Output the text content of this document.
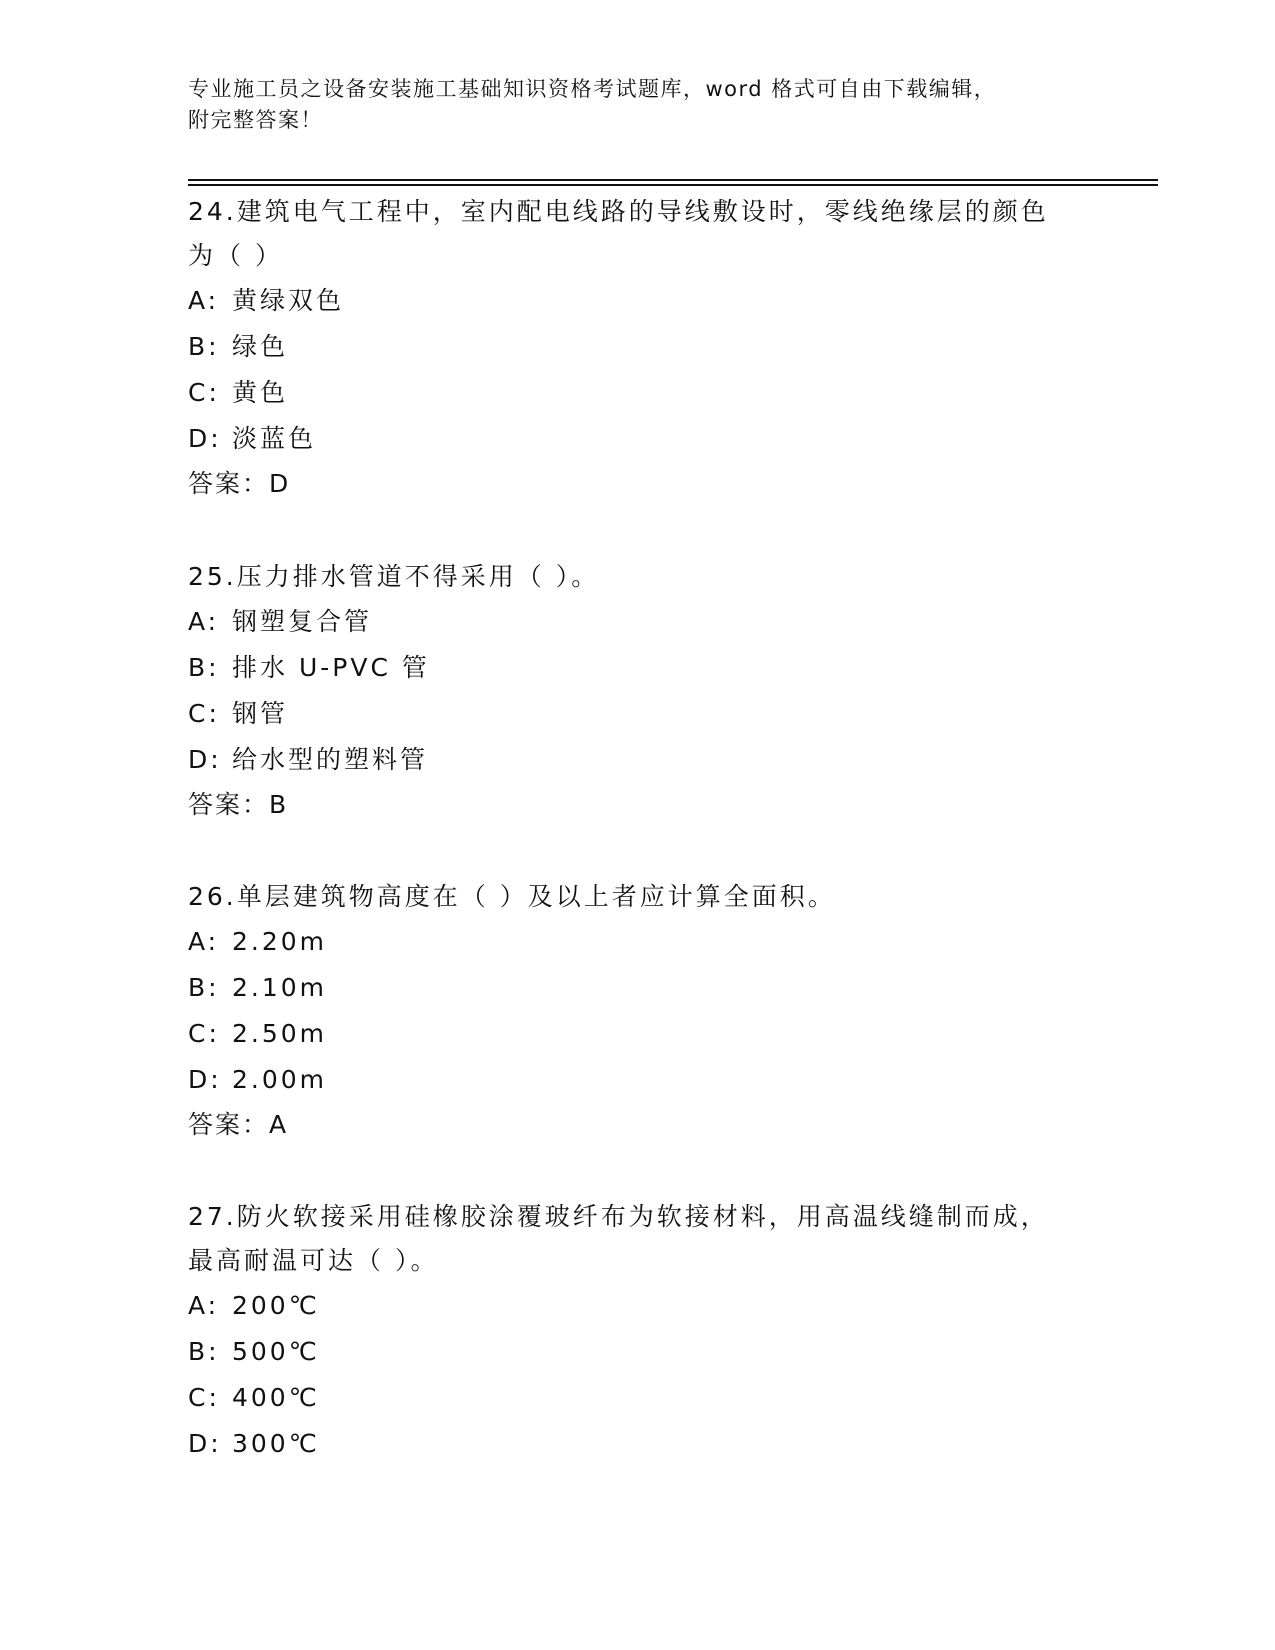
专业施工员之设备安装施工基础知识资格考试题库，word 格式可自由下载编辑，
附完整答案！

24.建筑电气工程中，室内配电线路的导线敷设时，零线绝缘层的颜色

为（ ）

A: 黄绿双色

B: 绿色

C: 黄色

D: 淡蓝色

答案：D

25.压力排水管道不得采用（ ）。

A: 钢塑复合管

B: 排水 U-PVC 管

C: 钢管

D: 给水型的塑料管

答案：B

26.单层建筑物高度在（ ）及以上者应计算全面积。

A: 2.20m

B: 2.10m

C: 2.50m

D: 2.00m

答案：A

27.防火软接采用硅橡胶涂覆玻纤布为软接材料，用高温线缝制而成，

最高耐温可达（ ）。

A: 200℃

B: 500℃

C: 400℃

D: 300℃
